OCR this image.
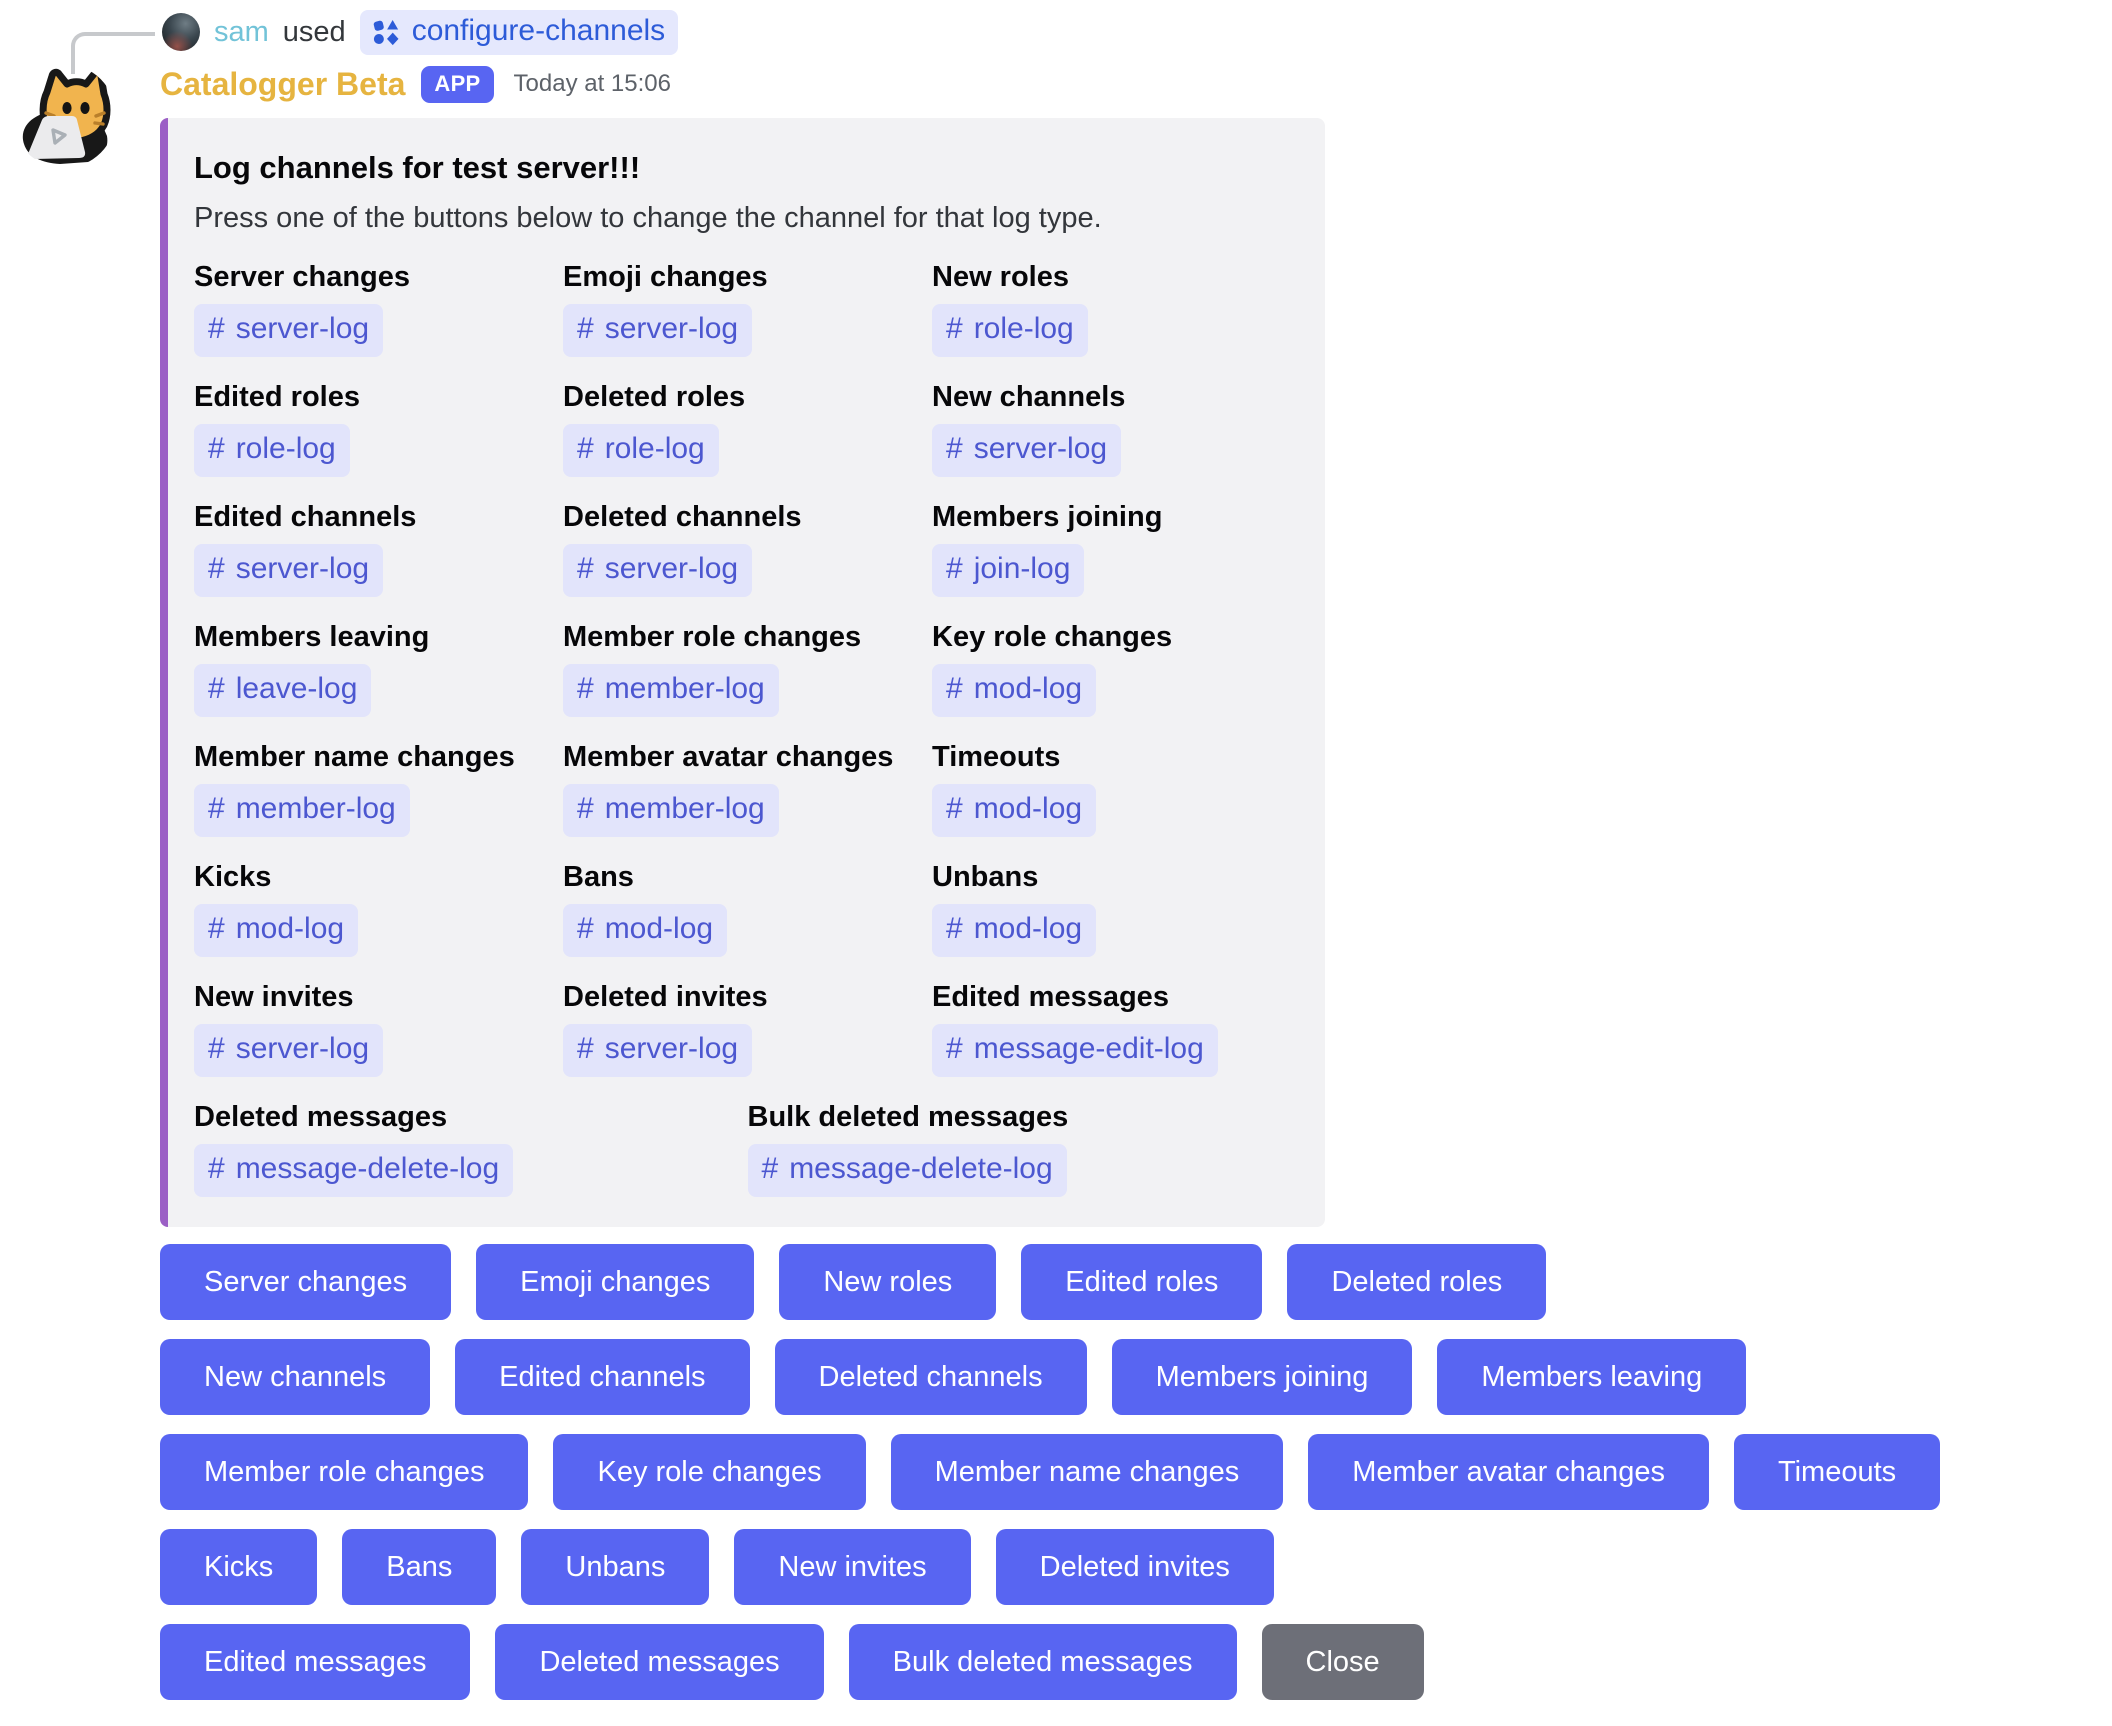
sam used configure-channels
Catalogger Beta	APP	Today at 15:06
Log channels for test server!!!
Press one of the buttons below to change the channel for that log type.
Server changes
# server-log
Emoji changes
# server-log
New roles
# role-log
Edited roles
# role-log
Deleted roles
# role-log
New channels
# server-log
Edited channels
# server-log
Deleted channels
# server-log
Members joining
# join-log
Members leaving
# leave-log
Member role changes
# member-log
Key role changes
# mod-log
Member name changes
# member-log
Member avatar changes
# member-log
Timeouts
# mod-log
Kicks
# mod-log
Bans
# mod-log
Unbans
# mod-log
New invites
# server-log
Deleted invites
# server-log
Edited messages
# message-edit-log
Deleted messages
# message-delete-log
Bulk deleted messages
# message-delete-log
Server changes	Emoji changes	New roles	Edited roles	Deleted roles
New channels	Edited channels	Deleted channels	Members joining	Members leaving
Member role changes	Key role changes	Member name changes	Member avatar changes	Timeouts
Kicks	Bans	Unbans	New invites	Deleted invites
Edited messages	Deleted messages	Bulk deleted messages	Close
